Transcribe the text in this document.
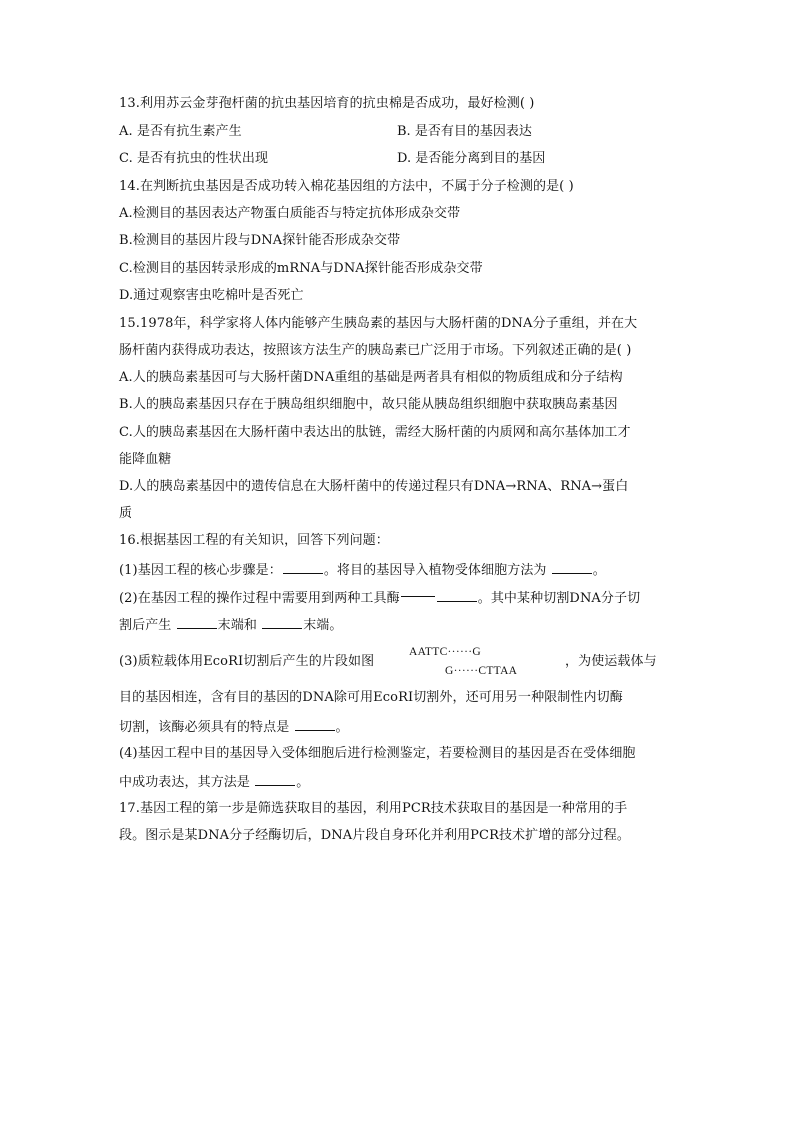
13.利用苏云金芽孢杆菌的抗虫基因培育的抗虫棉是否成功，最好检测( )
A. 是否有抗生素产生	B. 是否有目的基因表达
C. 是否有抗虫的性状出现	D. 是否能分离到目的基因
14.在判断抗虫基因是否成功转入棉花基因组的方法中，不属于分子检测的是( )
A.检测目的基因表达产物蛋白质能否与特定抗体形成杂交带
B.检测目的基因片段与DNA探针能否形成杂交带
C.检测目的基因转录形成的mRNA与DNA探针能否形成杂交带
D.通过观察害虫吃棉叶是否死亡
15.1978年，科学家将人体内能够产生胰岛素的基因与大肠杆菌的DNA分子重组，并在大
肠杆菌内获得成功表达，按照该方法生产的胰岛素已广泛用于市场。下列叙述正确的是( )
A.人的胰岛素基因可与大肠杆菌DNA重组的基础是两者具有相似的物质组成和分子结构
B.人的胰岛素基因只存在于胰岛组织细胞中，故只能从胰岛组织细胞中获取胰岛素基因
C.人的胰岛素基因在大肠杆菌中表达出的肽链，需经大肠杆菌的内质网和高尔基体加工才
能降血糖
D.人的胰岛素基因中的遗传信息在大肠杆菌中的传递过程只有DNA→RNA、RNA→蛋白
质
16.根据基因工程的有关知识，回答下列问题：
(1)基因工程的核心步骤是：	。将目的基因导入植物受体细胞方法为	。
(2)在基因工程的操作过程中需要用到两种工具酶	。其中某种切割DNA分子切
割后产生	末端和	末端。
(3)质粒载体用EcoRⅠ切割后产生的片段如图
AATTC······G
G······CTTAA
，为使运载体与
目的基因相连，含有目的基因的DNA除可用EcoRⅠ切割外，还可用另一种限制性内切酶
切割，该酶必须具有的特点是	。
(4)基因工程中目的基因导入受体细胞后进行检测鉴定，若要检测目的基因是否在受体细胞
中成功表达，其方法是	。
17.基因工程的第一步是筛选获取目的基因，利用PCR技术获取目的基因是一种常用的手
段。图示是某DNA分子经酶切后，DNA片段自身环化并利用PCR技术扩增的部分过程。
